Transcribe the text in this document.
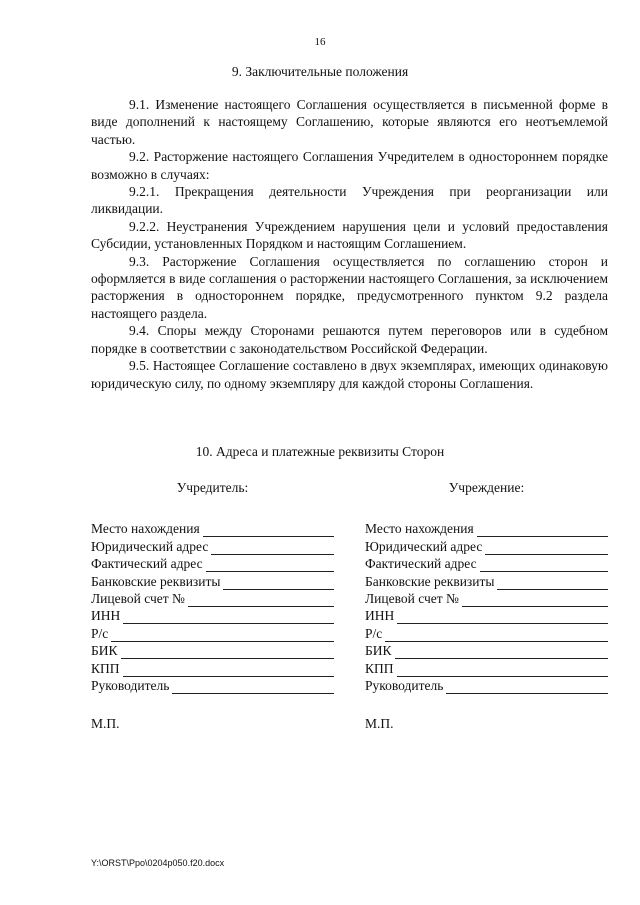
16
9. Заключительные положения

9.1. Изменение настоящего Соглашения осуществляется в письменной форме в виде дополнений к настоящему Соглашению, которые являются его неотъемлемой частью.

9.2. Расторжение настоящего Соглашения Учредителем в одностороннем порядке возможно в случаях:

9.2.1. Прекращения деятельности Учреждения при реорганизации или ликвидации.

9.2.2. Неустранения Учреждением нарушения цели и условий предоставления Субсидии, установленных Порядком и настоящим Соглашением.

9.3. Расторжение Соглашения осуществляется по соглашению сторон и оформляется в виде соглашения о расторжении настоящего Соглашения, за исключением расторжения в одностороннем порядке, предусмотренного пунктом 9.2 раздела настоящего раздела.

9.4. Споры между Сторонами решаются путем переговоров или в судебном порядке в соответствии с законодательством Российской Федерации.

9.5. Настоящее Соглашение составлено в двух экземплярах, имеющих одинаковую юридическую силу, по одному экземпляру для каждой стороны Соглашения.

10. Адреса и платежные реквизиты Сторон
Учредитель:
Место нахождения
Юридический адрес
Фактический адрес
Банковские реквизиты
Лицевой счет №
ИНН
Р/с
БИК
КПП
Руководитель
М.П.
Учреждение:
Место нахождения
Юридический адрес
Фактический адрес
Банковские реквизиты
Лицевой счет №
ИНН
Р/с
БИК
КПП
Руководитель
М.П.
Y:\ORST\Ppo\0204p050.f20.docx
